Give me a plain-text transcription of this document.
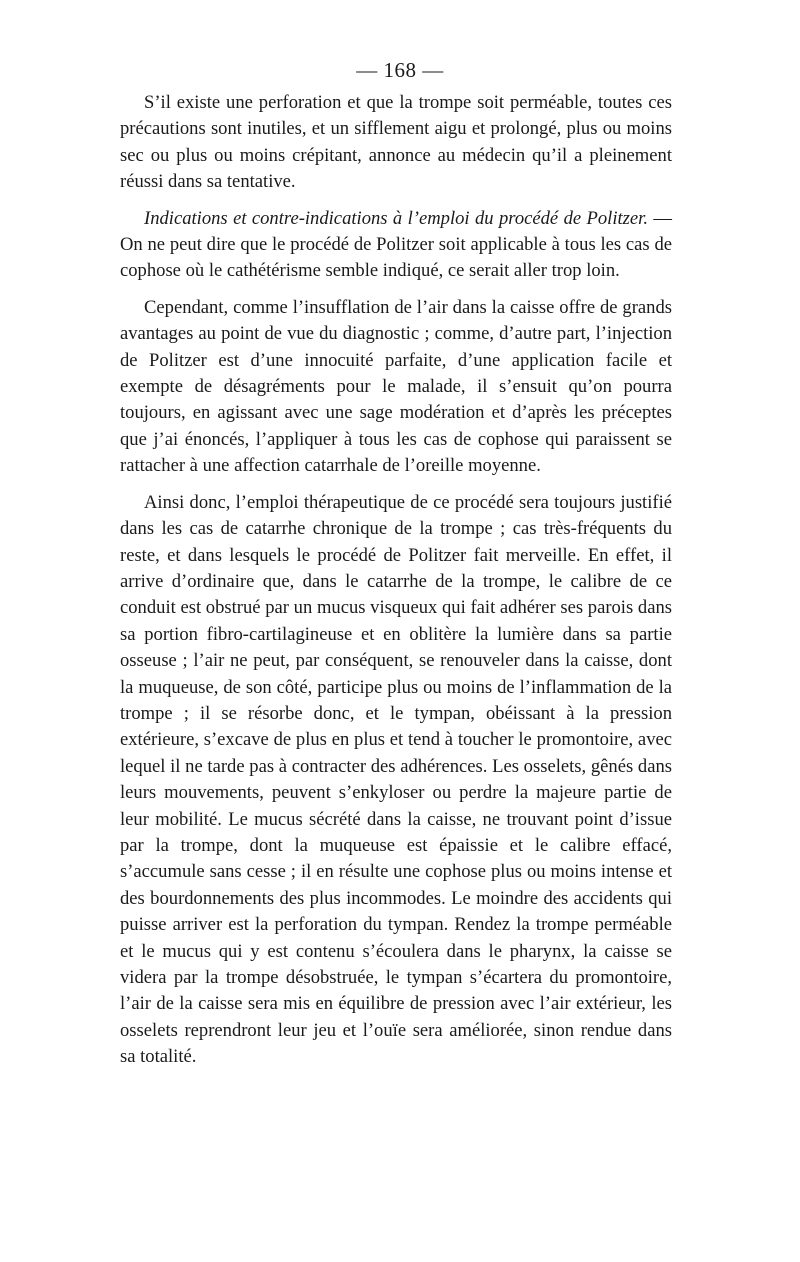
— 168 —

S’il existe une perforation et que la trompe soit perméable, toutes ces précautions sont inutiles, et un sifflement aigu et prolongé, plus ou moins sec ou plus ou moins crépitant, annonce au médecin qu’il a pleinement réussi dans sa tentative.

Indications et contre-indications à l’emploi du procédé de Politzer. — On ne peut dire que le procédé de Politzer soit applicable à tous les cas de cophose où le cathétérisme semble indiqué, ce serait aller trop loin.

Cependant, comme l’insufflation de l’air dans la caisse offre de grands avantages au point de vue du diagnostic ; comme, d’autre part, l’injection de Politzer est d’une innocuité parfaite, d’une application facile et exempte de désagréments pour le malade, il s’ensuit qu’on pourra toujours, en agissant avec une sage modération et d’après les préceptes que j’ai énoncés, l’appliquer à tous les cas de cophose qui paraissent se rattacher à une affection catarrhale de l’oreille moyenne.

Ainsi donc, l’emploi thérapeutique de ce procédé sera toujours justifié dans les cas de catarrhe chronique de la trompe ; cas très-fréquents du reste, et dans lesquels le procédé de Politzer fait merveille. En effet, il arrive d’ordinaire que, dans le catarrhe de la trompe, le calibre de ce conduit est obstrué par un mucus visqueux qui fait adhérer ses parois dans sa portion fibro-cartilagineuse et en oblitère la lumière dans sa partie osseuse ; l’air ne peut, par conséquent, se renouveler dans la caisse, dont la muqueuse, de son côté, participe plus ou moins de l’inflammation de la trompe ; il se résorbe donc, et le tympan, obéissant à la pression extérieure, s’excave de plus en plus et tend à toucher le promontoire, avec lequel il ne tarde pas à contracter des adhérences. Les osselets, gênés dans leurs mouvements, peuvent s’enkyloser ou perdre la majeure partie de leur mobilité. Le mucus sécrété dans la caisse, ne trouvant point d’issue par la trompe, dont la muqueuse est épaissie et le calibre effacé, s’accumule sans cesse ; il en résulte une cophose plus ou moins intense et des bourdonnements des plus incommodes. Le moindre des accidents qui puisse arriver est la perforation du tympan. Rendez la trompe perméable et le mucus qui y est contenu s’écoulera dans le pharynx, la caisse se videra par la trompe désobstruée, le tympan s’écartera du promontoire, l’air de la caisse sera mis en équilibre de pression avec l’air extérieur, les osselets reprendront leur jeu et l’ouïe sera améliorée, sinon rendue dans sa totalité.
